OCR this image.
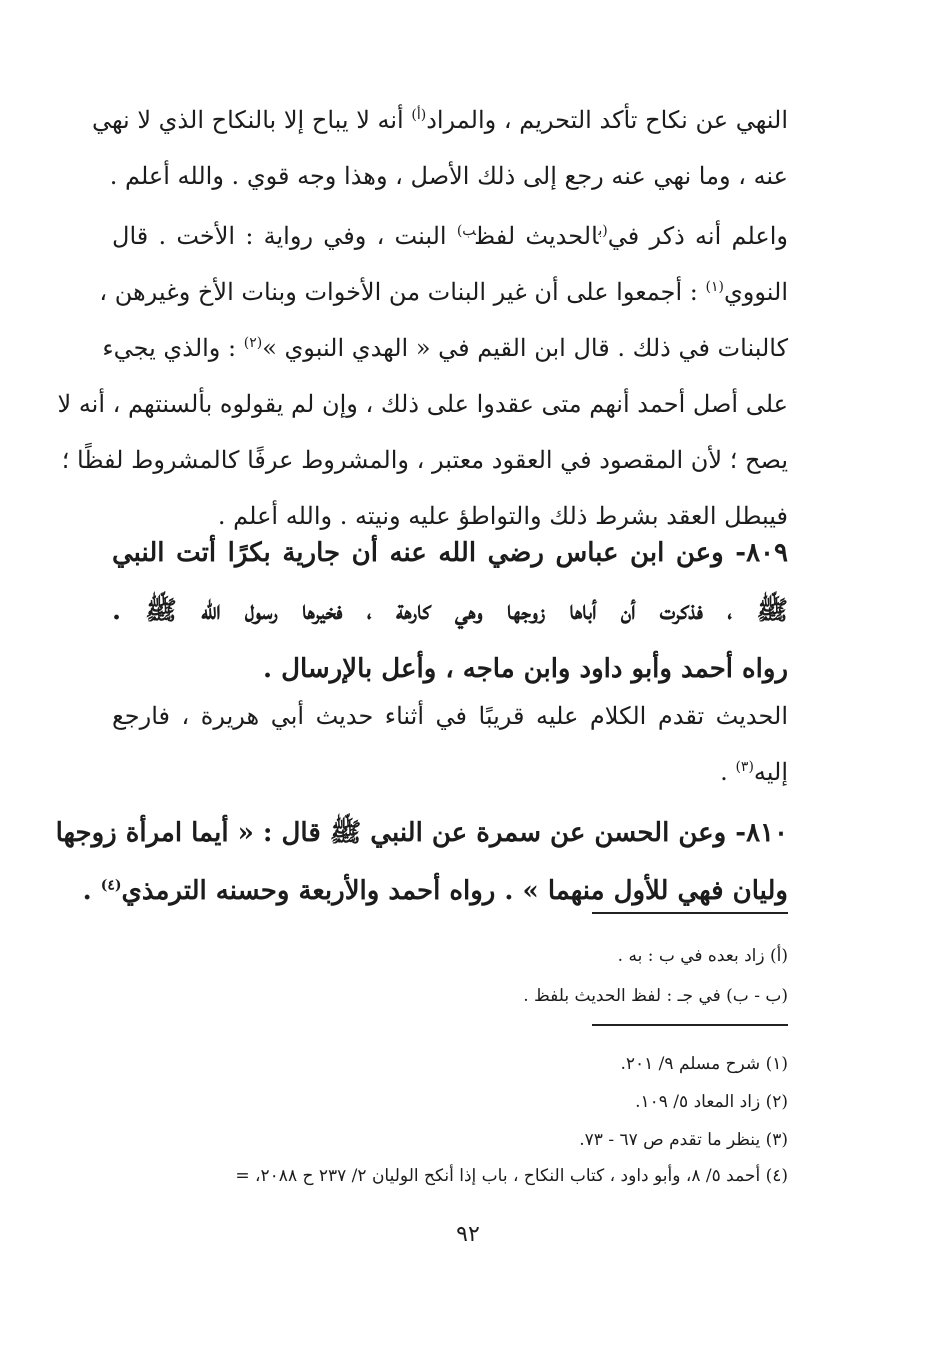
النهي عن نكاح تأكد التحريم ، والمراد$^{(أ)}$ أنه لا يباح إلا بالنكاح الذي لا نهي
عنه ، وما نهي عنه رجع إلى ذلك الأصل ، وهذا وجه قوي . والله أعلم .
واعلم أنه ذكر في$^{(ب}$الحديث لفظ$^{ب)}$ البنت ، وفي رواية : الأخت . قال
النووي$^{(١)}$ : أجمعوا على أن غير البنات من الأخوات وبنات الأخ وغيرهن ،
كالبنات في ذلك . قال ابن القيم في « الهدي النبوي »$^{(٢)}$ : والذي يجيء
على أصل أحمد أنهم متى عقدوا على ذلك ، وإن لم يقولوه بألسنتهم ، أنه لا
يصح ؛ لأن المقصود في العقود معتبر ، والمشروط عرفًا كالمشروط لفظًا ؛
فيبطل العقد بشرط ذلك والتواطؤ عليه ونيته . والله أعلم .
٨٠٩- وعن ابن عباس رضي الله عنه أن جارية بكرًا أتت النبي
ﷺ ، فذكرت أن أباها زوجها وهي كارهة ، فخيرها رسول الله ﷺ .
رواه أحمد وأبو داود وابن ماجه ، وأعل بالإرسال .
الحديث تقدم الكلام عليه قريبًا في أثناء حديث أبي هريرة ، فارجع
إليه$^{(٣)}$ .
٨١٠- وعن الحسن عن سمرة عن النبي ﷺ قال : « أيما امرأة زوجها
وليان فهي للأول منهما » . رواه أحمد والأربعة وحسنه الترمذي$^{(٤)}$ .
(أ) زاد بعده في ب : به .
(ب - ب) في جـ : لفظ الحديث بلفظ .
(١) شرح مسلم ٩/ ٢٠١.
(٢) زاد المعاد ٥/ ١٠٩.
(٣) ينظر ما تقدم ص ٦٧ - ٧٣.
(٤) أحمد ٥/ ٨، وأبو داود ، كتاب النكاح ، باب إذا أنكح الوليان ٢/ ٢٣٧ ح ٢٠٨٨، =
٩٢
